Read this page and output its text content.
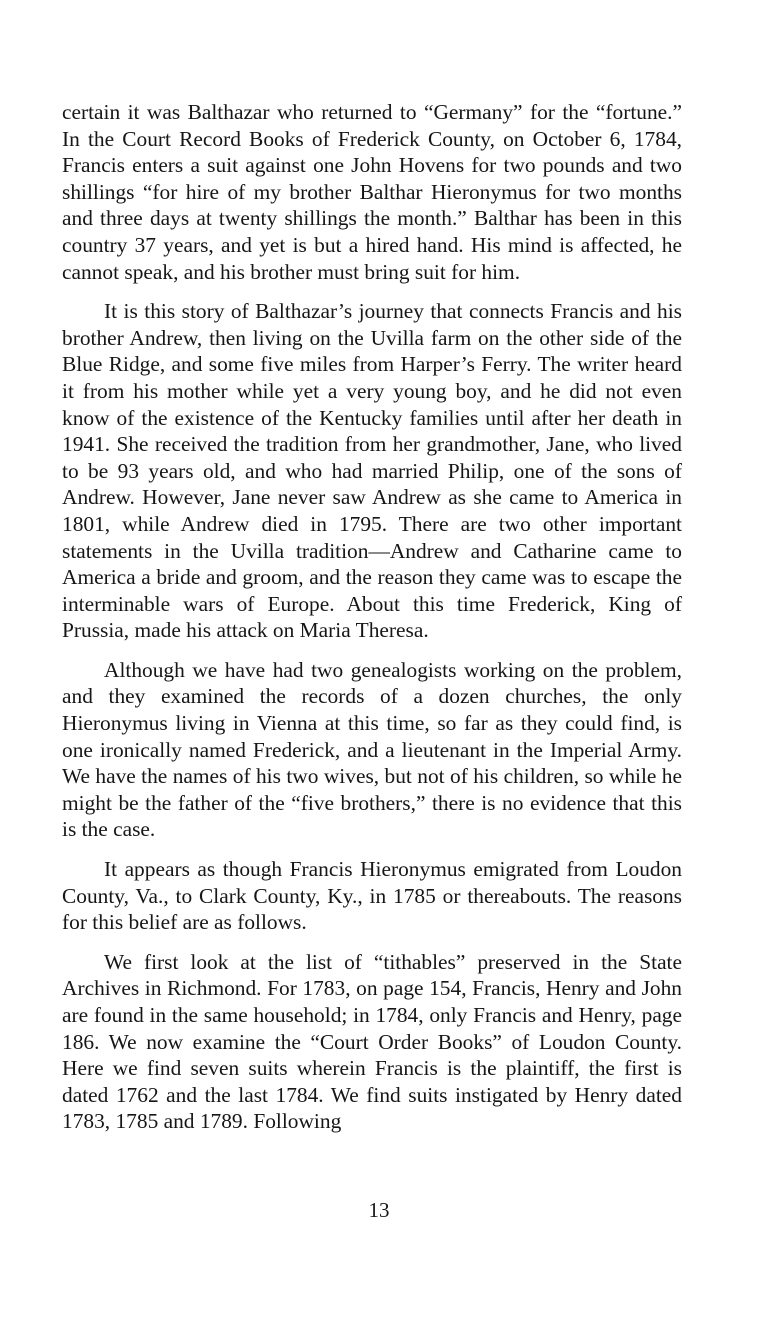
certain it was Balthazar who returned to “Germany” for the “fortune.” In the Court Record Books of Frederick County, on October 6, 1784, Francis enters a suit against one John Hovens for two pounds and two shillings “for hire of my brother Balthar Hieronymus for two months and three days at twenty shillings the month.” Balthar has been in this country 37 years, and yet is but a hired hand. His mind is affected, he cannot speak, and his brother must bring suit for him.

It is this story of Balthazar’s journey that connects Francis and his brother Andrew, then living on the Uvilla farm on the other side of the Blue Ridge, and some five miles from Harper’s Ferry. The writer heard it from his mother while yet a very young boy, and he did not even know of the existence of the Kentucky families until after her death in 1941. She received the tradition from her grandmother, Jane, who lived to be 93 years old, and who had married Philip, one of the sons of Andrew. However, Jane never saw Andrew as she came to America in 1801, while Andrew died in 1795. There are two other important statements in the Uvilla tradition—Andrew and Catharine came to America a bride and groom, and the reason they came was to escape the interminable wars of Europe. About this time Frederick, King of Prussia, made his attack on Maria Theresa.

Although we have had two genealogists working on the problem, and they examined the records of a dozen churches, the only Hieronymus living in Vienna at this time, so far as they could find, is one ironically named Frederick, and a lieutenant in the Imperial Army. We have the names of his two wives, but not of his children, so while he might be the father of the “five brothers,” there is no evidence that this is the case.

It appears as though Francis Hieronymus emigrated from Loudon County, Va., to Clark County, Ky., in 1785 or thereabouts. The reasons for this belief are as follows.

We first look at the list of “tithables” preserved in the State Archives in Richmond. For 1783, on page 154, Francis, Henry and John are found in the same household; in 1784, only Francis and Henry, page 186. We now examine the “Court Order Books” of Loudon County. Here we find seven suits wherein Francis is the plaintiff, the first is dated 1762 and the last 1784. We find suits instigated by Henry dated 1783, 1785 and 1789. Following

13
